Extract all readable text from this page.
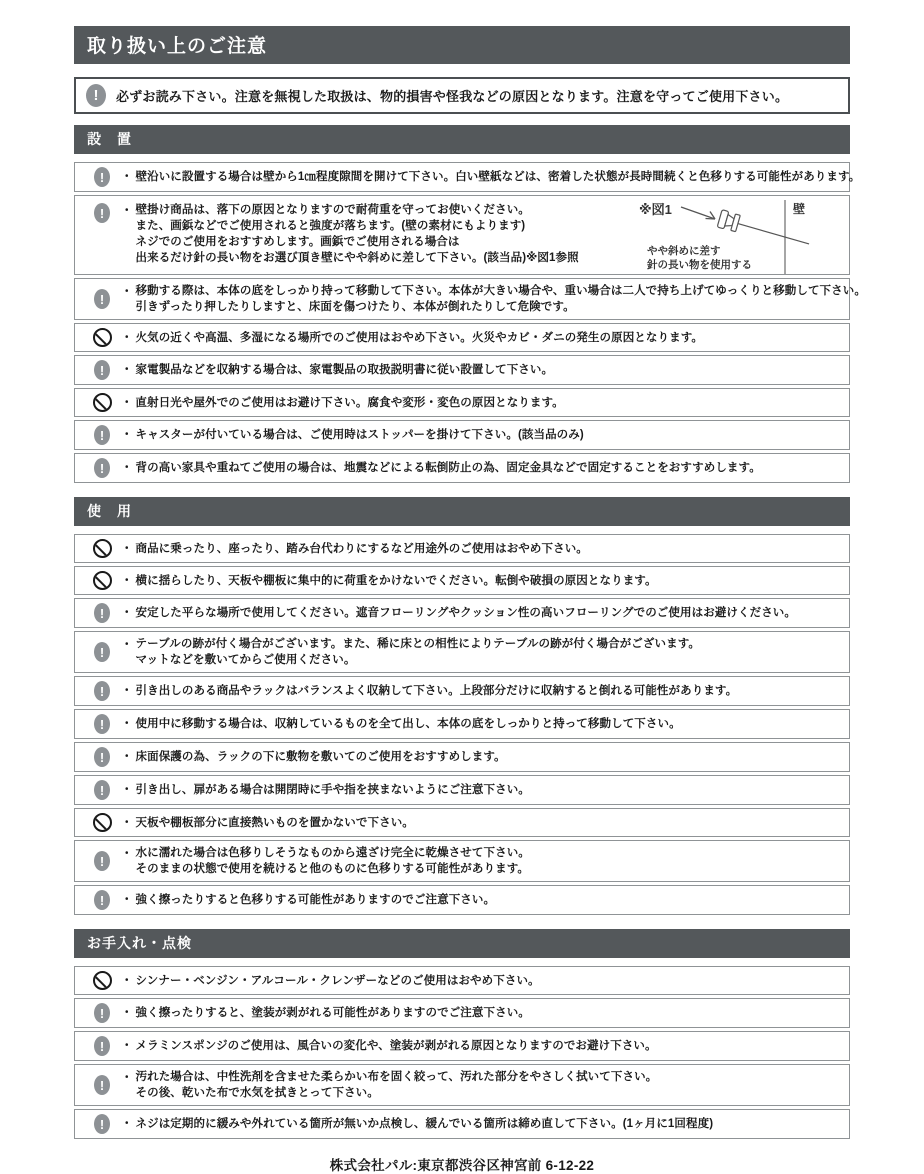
取り扱い上のご注意
!	必ずお読み下さい。注意を無視した取扱は、物的損害や怪我などの原因となります。注意を守ってご使用下さい。
設　置
!	・ 壁沿いに設置する場合は壁から1㎝程度隙間を開けて下さい。白い壁紙などは、密着した状態が長時間続くと色移りする可能性があります。
!	・ 壁掛け商品は、落下の原因となりますので耐荷重を守ってお使いください。
また、画鋲などでご使用されると強度が落ちます。(壁の素材にもよります)
ネジでのご使用をおすすめします。画鋲でご使用される場合は
出来るだけ針の長い物をお選び頂き壁にやや斜めに差して下さい。(該当品)※図1参照
※図1	壁
やや斜めに差す
針の長い物を使用する
!	・ 移動する際は、本体の底をしっかり持って移動して下さい。本体が大きい場合や、重い場合は二人で持ち上げてゆっくりと移動して下さい。
引きずったり押したりしますと、床面を傷つけたり、本体が倒れたりして危険です。
・ 火気の近くや高温、多湿になる場所でのご使用はおやめ下さい。火災やカビ・ダニの発生の原因となります。
!	・ 家電製品などを収納する場合は、家電製品の取扱説明書に従い設置して下さい。
・ 直射日光や屋外でのご使用はお避け下さい。腐食や変形・変色の原因となります。
!	・ キャスターが付いている場合は、ご使用時はストッパーを掛けて下さい。(該当品のみ)
!	・ 背の高い家具や重ねてご使用の場合は、地震などによる転倒防止の為、固定金具などで固定することをおすすめします。
使　用
・ 商品に乗ったり、座ったり、踏み台代わりにするなど用途外のご使用はおやめ下さい。
・ 横に揺らしたり、天板や棚板に集中的に荷重をかけないでください。転倒や破損の原因となります。
!	・ 安定した平らな場所で使用してください。遮音フローリングやクッション性の高いフローリングでのご使用はお避けください。
!	・ テーブルの跡が付く場合がございます。また、稀に床との相性によりテーブルの跡が付く場合がございます。
マットなどを敷いてからご使用ください。
!	・ 引き出しのある商品やラックはバランスよく収納して下さい。上段部分だけに収納すると倒れる可能性があります。
!	・ 使用中に移動する場合は、収納しているものを全て出し、本体の底をしっかりと持って移動して下さい。
!	・ 床面保護の為、ラックの下に敷物を敷いてのご使用をおすすめします。
!	・ 引き出し、扉がある場合は開閉時に手や指を挟まないようにご注意下さい。
・ 天板や棚板部分に直接熱いものを置かないで下さい。
!	・ 水に濡れた場合は色移りしそうなものから遠ざけ完全に乾燥させて下さい。
そのままの状態で使用を続けると他のものに色移りする可能性があります。
!	・ 強く擦ったりすると色移りする可能性がありますのでご注意下さい。
お手入れ・点検
・ シンナー・ベンジン・アルコール・クレンザーなどのご使用はおやめ下さい。
!	・ 強く擦ったりすると、塗装が剥がれる可能性がありますのでご注意下さい。
!	・ メラミンスポンジのご使用は、風合いの変化や、塗装が剥がれる原因となりますのでお避け下さい。
!	・ 汚れた場合は、中性洗剤を含ませた柔らかい布を固く絞って、汚れた部分をやさしく拭いて下さい。
その後、乾いた布で水気を拭きとって下さい。
!	・ ネジは定期的に緩みや外れている箇所が無いか点検し、緩んでいる箇所は締め直して下さい。(1ヶ月に1回程度)
株式会社パル:東京都渋谷区神宮前 6-12-22
